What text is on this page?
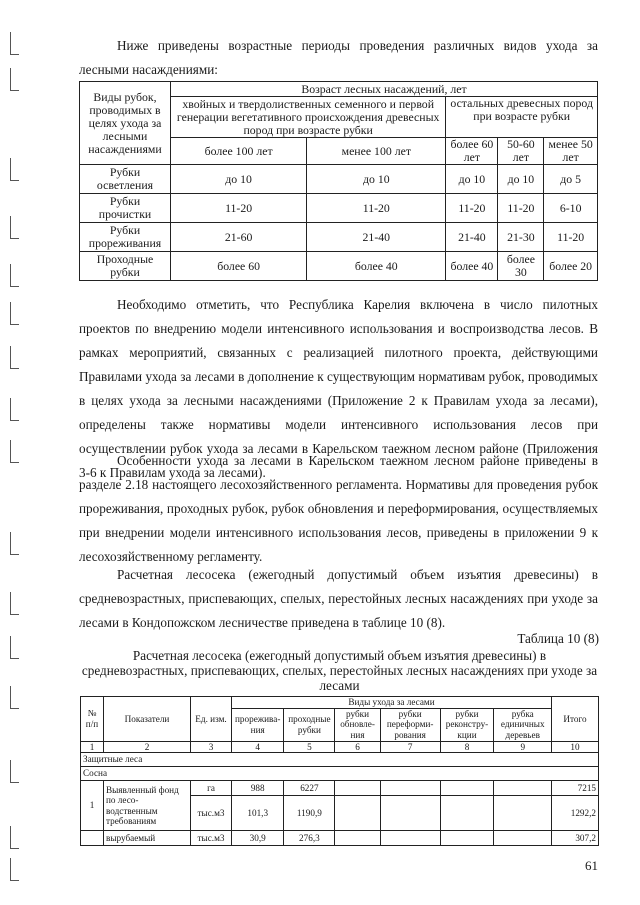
Ниже приведены возрастные периоды проведения различных видов ухода за лесными насаждениями:

Виды рубок, проводимых в целях ухода за лесными насаждениями	Возраст лесных насаждений, лет				
	хвойных и твердолиственных семенного и первой генерации вегетативного происхождения древесных пород при возрасте рубки		остальных древесных пород при возрасте рубки		
	более 100 лет	менее 100 лет	более 60 лет	50-60 лет	менее 50 лет
Рубки осветления	до 10	до 10	до 10	до 10	до 5
Рубки прочистки	11-20	11-20	11-20	11-20	6-10
Рубки прореживания	21-60	21-40	21-40	21-30	11-20
Проходные рубки	более 60	более 40	более 40	более 30	более 20

Необходимо отметить, что Республика Карелия включена в число пилотных проектов по внедрению модели интенсивного использования и воспроизводства лесов. В рамках мероприятий, связанных с реализацией пилотного проекта, действующими Правилами ухода за лесами в дополнение к существующим нормативам рубок, проводимых в целях ухода за лесными насаждениями (Приложение 2 к Правилам ухода за лесами), определены также нормативы модели интенсивного использования лесов при осуществлении рубок ухода за лесами в Карельском таежном лесном районе (Приложения 3-6 к Правилам ухода за лесами).

Особенности ухода за лесами в Карельском таежном лесном районе приведены в разделе 2.18 настоящего лесохозяйственного регламента. Нормативы для проведения рубок прореживания, проходных рубок, рубок обновления и переформирования, осуществляемых при внедрении модели интенсивного использования лесов, приведены в приложении 9 к лесохозяйственному регламенту.

Расчетная лесосека (ежегодный допустимый объем изъятия древесины) в средневозрастных, приспевающих, спелых, перестойных лесных насаждениях при уходе за лесами в Кондопожском лесничестве приведена в таблице 10 (8).

Таблица 10 (8)
Расчетная лесосека (ежегодный допустимый объем изъятия древесины) в средневозрастных, приспевающих, спелых, перестойных лесных насаждениях при уходе за лесами
№ п/п	Показатели	Ед. изм.	Виды ухода за лесами						Итого
			прорежива-ния	проходные рубки	рубки обновле-ния	рубки переформи-рования	рубки реконстру-кции	рубка единичных деревьев	
1	2	3	4	5	6	7	8	9	10
Защитные леса									
Сосна									
1	Выявленный фонд по лесо-водственным требованиям	га	988	6227					7215
		тыс.м3	101,3	1190,9					1292,2
	вырубаемый	тыс.м3	30,9	276,3					307,2
61
